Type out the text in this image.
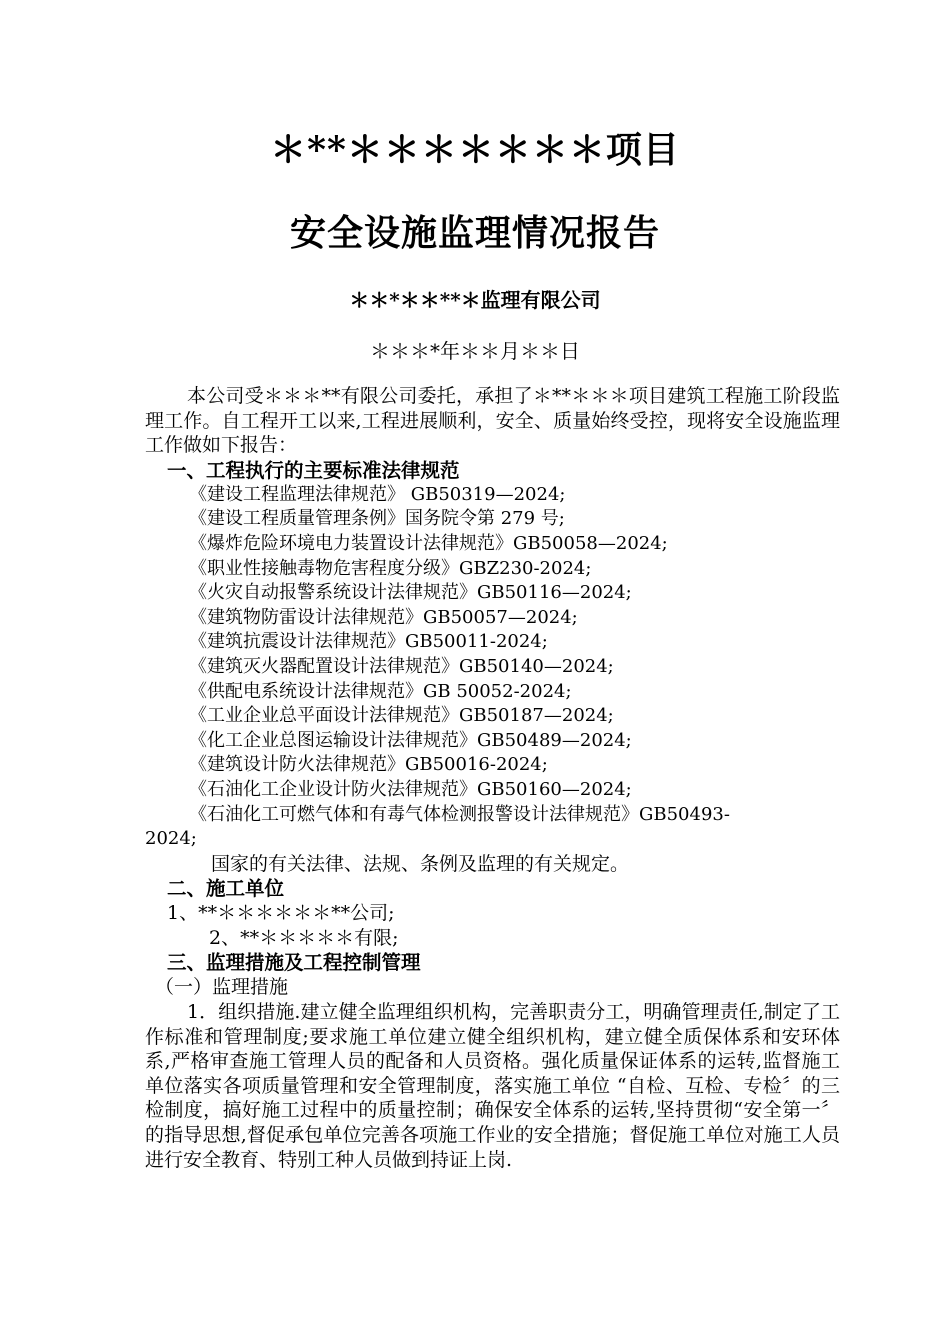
＊**＊＊＊＊＊＊＊项目
安全设施监理情况报告
＊＊*＊＊**＊监理有限公司
＊＊＊*年＊＊月＊＊日

本公司受＊＊＊**有限公司委托，承担了＊**＊＊＊项目建筑工程施工阶段监理工作。自工程开工以来,工程进展顺利，安全、质量始终受控，现将安全设施监理工作做如下报告：

一、工程执行的主要标准法律规范

《建设工程监理法律规范》 GB50319—2024;

《建设工程质量管理条例》国务院令第 279 号;

《爆炸危险环境电力装置设计法律规范》GB50058—2024;

《职业性接触毒物危害程度分级》GBZ230-2024;

《火灾自动报警系统设计法律规范》GB50116—2024;

《建筑物防雷设计法律规范》GB50057—2024;

《建筑抗震设计法律规范》GB50011-2024;

《建筑灭火器配置设计法律规范》GB50140—2024;

《供配电系统设计法律规范》GB 50052-2024;

《工业企业总平面设计法律规范》GB50187—2024;

《化工企业总图运输设计法律规范》GB50489—2024;

《建筑设计防火法律规范》GB50016-2024;

《石油化工企业设计防火法律规范》GB50160—2024;

《石油化工可燃气体和有毒气体检测报警设计法律规范》GB50493-
2024;

国家的有关法律、法规、条例及监理的有关规定。

二、施工单位

1、**＊＊＊＊＊＊**公司;

2、**＊＊＊＊＊有限;

三、监理措施及工程控制管理

（一）监理措施

1．组织措施.建立健全监理组织机构，完善职责分工，明确管理责任,制定了工作标准和管理制度;要求施工单位建立健全组织机构，建立健全质保体系和安环体系,严格审查施工管理人员的配备和人员资格。强化质量保证体系的运转,监督施工单位落实各项质量管理和安全管理制度，落实施工单位 “自检、互检、专检〞的三检制度，搞好施工过程中的质量控制；确保安全体系的运转,坚持贯彻“安全第一〞的指导思想,督促承包单位完善各项施工作业的安全措施；督促施工单位对施工人员进行安全教育、特别工种人员做到持证上岗.
